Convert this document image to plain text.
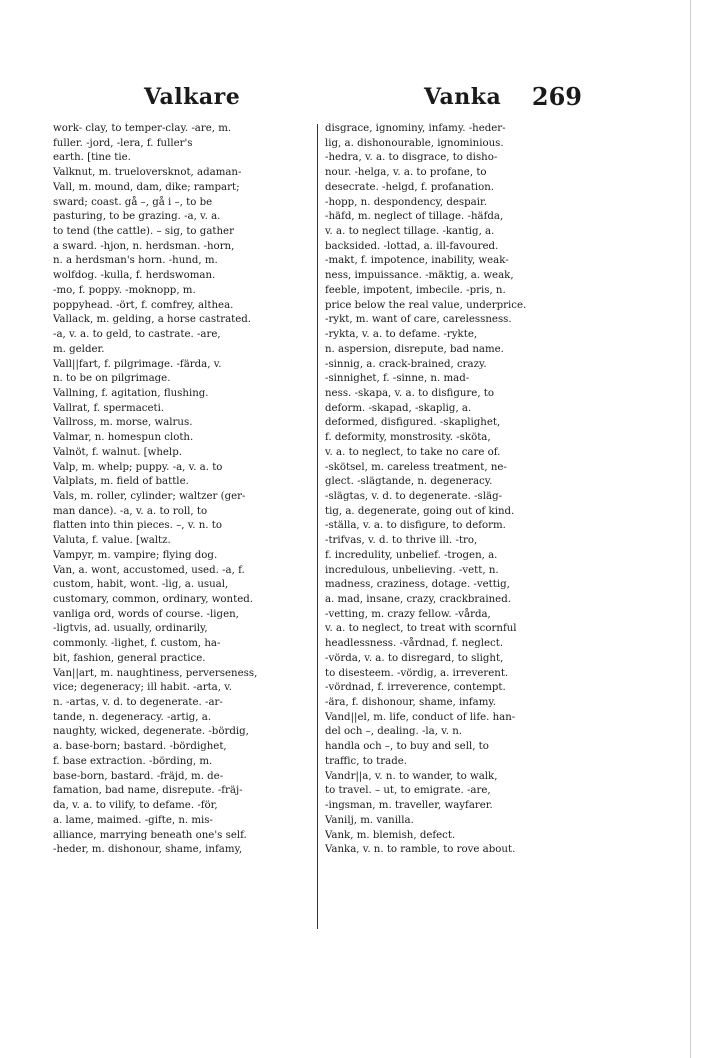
Valkare	Vanka 269
work- clay, to temper-clay. -are, m.
fuller. -jord, -lera, f. fuller's
earth. [tine tie.
Valknut, m. trueloversknot, adaman-
Vall, m. mound, dam, dike; rampart;
sward; coast. gå –, gå i –, to be
pasturing, to be grazing. -a, v. a.
to tend (the cattle). – sig, to gather
a sward. -hjon, n. herdsman. -horn,
n. a herdsman's horn. -hund, m.
wolfdog. -kulla, f. herdswoman.
-mo, f. poppy. -moknopp, m.
poppyhead. -ört, f. comfrey, althea.
Vallack, m. gelding, a horse castrated.
-a, v. a. to geld, to castrate. -are,
m. gelder.
Vall||fart, f. pilgrimage. -färda, v.
n. to be on pilgrimage.
Vallning, f. agitation, flushing.
Vallrat, f. spermaceti.
Vallross, m. morse, walrus.
Valmar, n. homespun cloth.
Valnöt, f. walnut. [whelp.
Valp, m. whelp; puppy. -a, v. a. to
Valplats, m. field of battle.
Vals, m. roller, cylinder; waltzer (ger-
man dance). -a, v. a. to roll, to
flatten into thin pieces. –, v. n. to
Valuta, f. value. [waltz.
Vampyr, m. vampire; flying dog.
Van, a. wont, accustomed, used. -a, f.
custom, habit, wont. -lig, a. usual,
customary, common, ordinary, wonted.
vanliga ord, words of course. -ligen,
-ligtvis, ad. usually, ordinarily,
commonly. -lighet, f. custom, ha-
bit, fashion, general practice.
Van||art, m. naughtiness, perverseness,
vice; degeneracy; ill habit. -arta, v.
n. -artas, v. d. to degenerate. -ar-
tande, n. degeneracy. -artig, a.
naughty, wicked, degenerate. -bördig,
a. base-born; bastard. -bördighet,
f. base extraction. -börding, m.
base-born, bastard. -fräjd, m. de-
famation, bad name, disrepute. -fräj-
da, v. a. to vilify, to defame. -för,
a. lame, maimed. -gifte, n. mis-
alliance, marrying beneath one's self.
-heder, m. dishonour, shame, infamy,
disgrace, ignominy, infamy. -heder-
lig, a. dishonourable, ignominious.
-hedra, v. a. to disgrace, to disho-
nour. -helga, v. a. to profane, to
desecrate. -helgd, f. profanation.
-hopp, n. despondency, despair.
-häfd, m. neglect of tillage. -häfda,
v. a. to neglect tillage. -kantig, a.
backsided. -lottad, a. ill-favoured.
-makt, f. impotence, inability, weak-
ness, impuissance. -mäktig, a. weak,
feeble, impotent, imbecile. -pris, n.
price below the real value, underprice.
-rykt, m. want of care, carelessness.
-rykta, v. a. to defame. -rykte,
n. aspersion, disrepute, bad name.
-sinnig, a. crack-brained, crazy.
-sinnighet, f. -sinne, n. mad-
ness. -skapa, v. a. to disfigure, to
deform. -skapad, -skaplig, a.
deformed, disfigured. -skaplighet,
f. deformity, monstrosity. -sköta,
v. a. to neglect, to take no care of.
-skötsel, m. careless treatment, ne-
glect. -slägtande, n. degeneracy.
-slägtas, v. d. to degenerate. -släg-
tig, a. degenerate, going out of kind.
-ställa, v. a. to disfigure, to deform.
-trifvas, v. d. to thrive ill. -tro,
f. incredulity, unbelief. -trogen, a.
incredulous, unbelieving. -vett, n.
madness, craziness, dotage. -vettig,
a. mad, insane, crazy, crackbrained.
-vetting, m. crazy fellow. -vårda,
v. a. to neglect, to treat with scornful
headlessness. -vårdnad, f. neglect.
-vörda, v. a. to disregard, to slight,
to disesteem. -vördig, a. irreverent.
-vördnad, f. irreverence, contempt.
-ära, f. dishonour, shame, infamy.
Vand||el, m. life, conduct of life. han-
del och –, dealing. -la, v. n.
handla och –, to buy and sell, to
traffic, to trade.
Vandr||a, v. n. to wander, to walk,
to travel. – ut, to emigrate. -are,
-ingsman, m. traveller, wayfarer.
Vanilj, m. vanilla.
Vank, m. blemish, defect.
Vanka, v. n. to ramble, to rove about.
